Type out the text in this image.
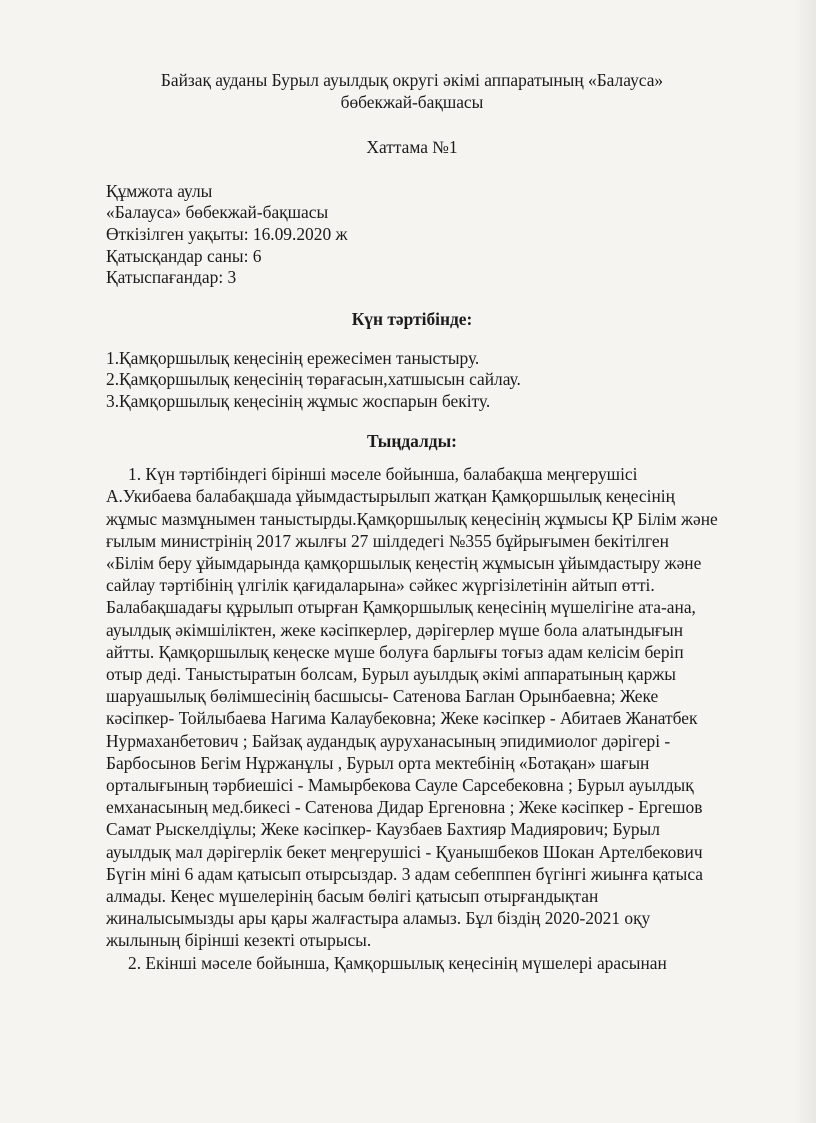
Байзақ ауданы Бурыл ауылдық округі әкімі аппаратының «Балауса»

бөбекжай-бақшасы

Хаттама №1

Құмжота аулы

«Балауса» бөбекжай-бақшасы

Өткізілген уақыты: 16.09.2020 ж

Қатысқандар саны: 6

Қатыспағандар: 3

Күн тәртібінде:

1.Қамқоршылық кеңесінің ережесімен таныстыру.

2.Қамқоршылық кеңесінің төрағасын,хатшысын сайлау.

3.Қамқоршылық кеңесінің жұмыс жоспарын бекіту.

Тыңдалды:

1. Күн тәртібіндегі бірінші мәселе бойынша, балабақша меңгерушісі А.Укибаева балабақшада ұйымдастырылып жатқан Қамқоршылық кеңесінің жұмыс мазмұнымен таныстырды.Қамқоршылық кеңесінің жұмысы ҚР Білім және ғылым министрінің 2017 жылғы 27 шілдедегі №355 бұйрығымен бекітілген «Білім беру ұйымдарында қамқоршылық кеңестің жұмысын ұйымдастыру және сайлау тәртібінің үлгілік қағидаларына» сәйкес жүргізілетінін айтып өтті. Балабақшадағы құрылып отырған Қамқоршылық кеңесінің мүшелігіне ата-ана, ауылдық әкімшіліктен, жеке кәсіпкерлер, дәрігерлер мүше бола алатындығын айтты. Қамқоршылық кеңеске мүше болуға барлығы тоғыз адам келісім беріп отыр деді. Таныстыратын болсам, Бурыл ауылдық әкімі аппаратының қаржы шаруашылық бөлімшесінің басшысы- Сатенова Баглан Орынбаевна; Жеке кәсіпкер- Тойлыбаева Нагима Калаубековна; Жеке кәсіпкер - Абитаев Жанатбек Нурмаханбетович ; Байзақ аудандық ауруханасының эпидимиолог дәрігері - Барбосынов Бегім Нұржанұлы , Бурыл орта мектебінің «Ботақан» шағын орталығының тәрбиешісі - Мамырбекова Сауле Сарсебековна ; Бурыл ауылдық емханасының мед.бикесі - Сатенова Дидар Ергеновна ; Жеке кәсіпкер - Ергешов Самат Рыскелдіұлы; Жеке кәсіпкер- Каузбаев Бахтияр Мадиярович; Бурыл ауылдық мал дәрігерлік бекет меңгерушісі - Қуанышбеков Шокан Артелбекович Бүгін міні 6 адам қатысып отырсыздар. 3 адам себепппен бүгінгі жиынға қатыса алмады. Кеңес мүшелерінің басым бөлігі қатысып отырғандықтан жиналысымызды ары қары жалғастыра аламыз. Бұл біздің 2020-2021 оқу жылының бірінші кезекті отырысы.

2. Екінші мәселе бойынша, Қамқоршылық кеңесінің мүшелері арасынан
